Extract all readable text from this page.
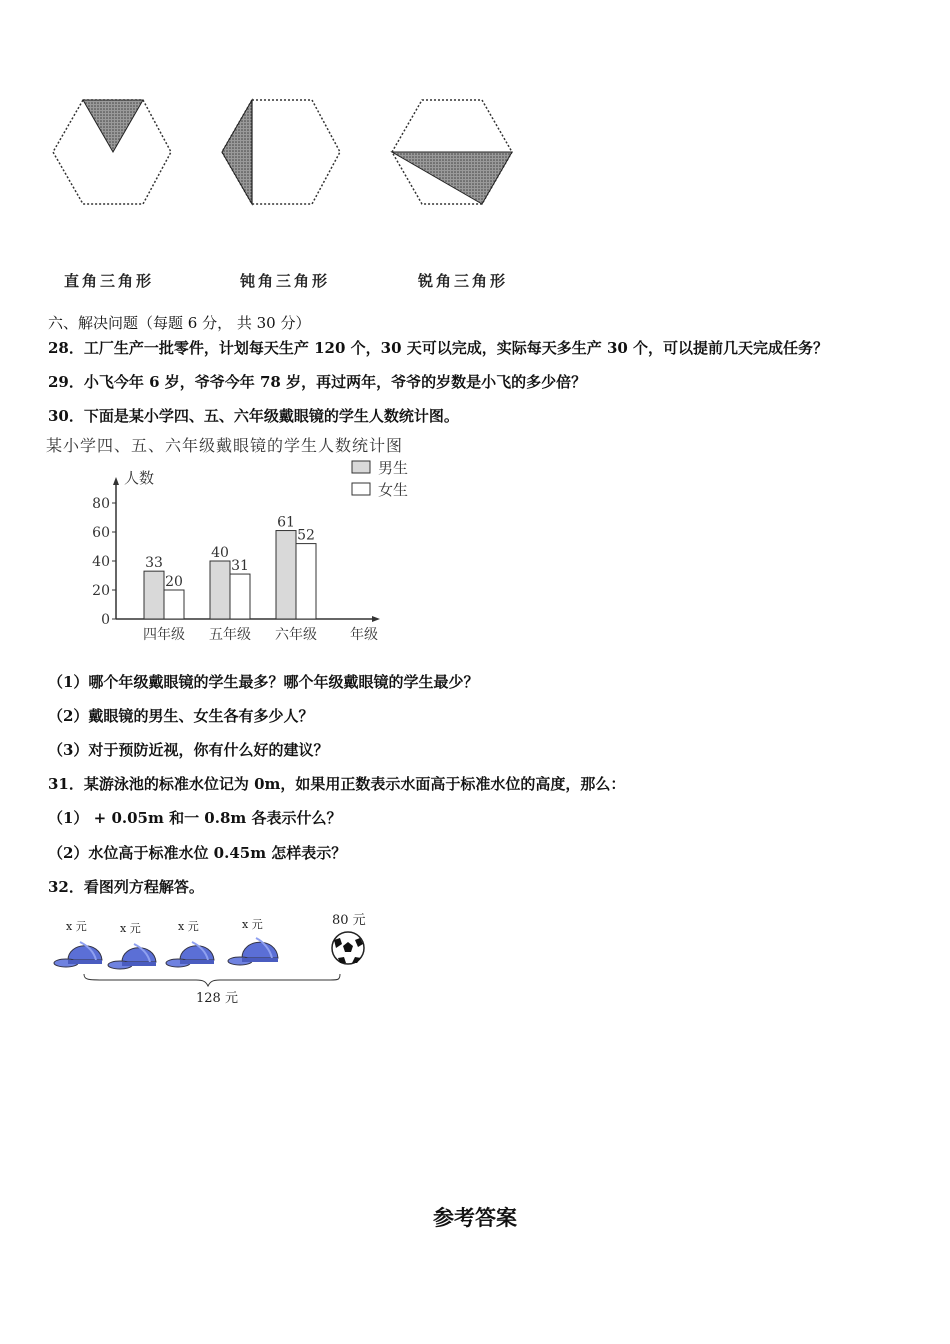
直角三角形	钝角三角形	锐角三角形
六、解决问题（每题 6 分， 共 30 分）
28．工厂生产一批零件，计划每天生产 120 个，30 天可以完成，实际每天多生产 30 个，可以提前几天完成任务？
29．小飞今年 6 岁，爷爷今年 78 岁，再过两年，爷爷的岁数是小飞的多少倍？
30．下面是某小学四、五、六年级戴眼镜的学生人数统计图。
某小学四、五、六年级戴眼镜的学生人数统计图
人数
0
20
40
60
80
33
20
四年级
40
31
五年级
61
52
六年级 年级
男生
女生
（1）哪个年级戴眼镜的学生最多？哪个年级戴眼镜的学生最少？
（2）戴眼镜的男生、女生各有多少人？
（3）对于预防近视，你有什么好的建议？
31．某游泳池的标准水位记为 0m，如果用正数表示水面高于标准水位的高度，那么：
（1） + 0.05m 和一 0.8m 各表示什么？
（2）水位高于标准水位 0.45m 怎样表示？
32．看图列方程解答。
x 元	x 元	x 元	x 元	80 元
128 元
参考答案
